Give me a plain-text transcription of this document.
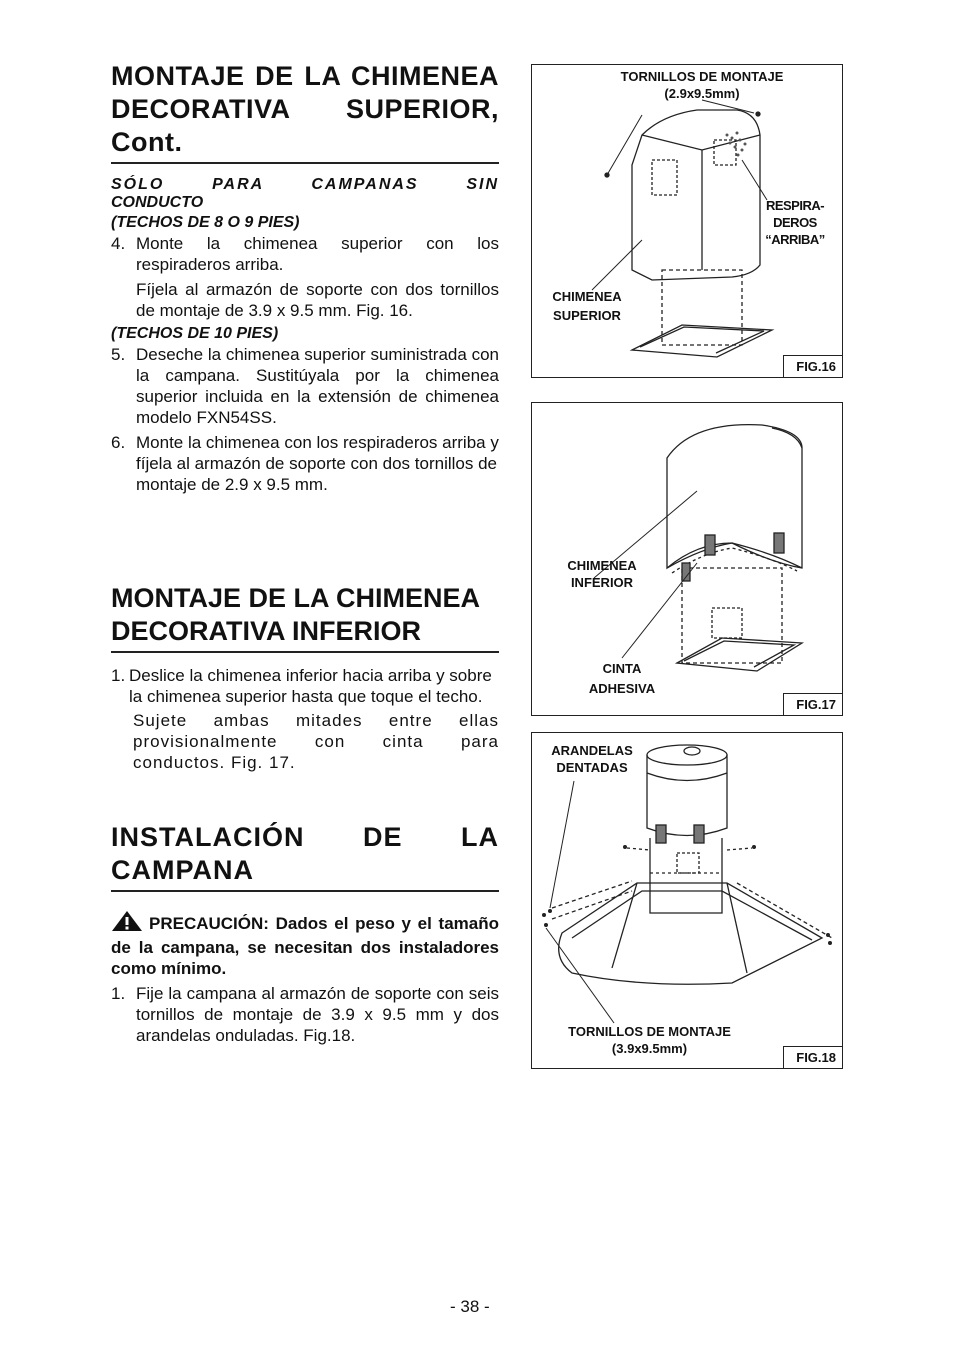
MONTAJE DE LA CHIMENEA
DECORATIVA SUPERIOR,
Cont.

SÓLO PARA CAMPANAS SIN

CONDUCTO

(TECHOS DE 8 O 9 PIES)

4. Monte la chimenea superior con los respiraderos arriba.
Fíjela al armazón de soporte con dos tornillos de montaje de 3.9 x 9.5 mm. Fig. 16.

(TECHOS DE 10 PIES)

5. Deseche la chimenea superior suministrada con la campana. Sustitúyala por la chimenea superior incluida en la extensión de chimenea modelo FXN54SS.
6. Monte la chimenea con los respiraderos arriba y fíjela al armazón de soporte con dos tornillos de montaje de 2.9 x 9.5 mm.
MONTAJE DE LA CHIMENEA
DECORATIVA INFERIOR
1. Deslice la chimenea inferior hacia arriba y sobre la chimenea superior hasta que toque el techo.
Sujete ambas mitades entre ellas provisionalmente con cinta para conductos. Fig. 17.
INSTALACIÓN DE LA
CAMPANA
PRECAUCIÓN: Dados el peso y el tamaño de la campana, se necesitan dos instaladores como mínimo.
1. Fije la campana al armazón de soporte con seis tornillos de montaje de 3.9 x 9.5 mm y dos arandelas onduladas. Fig.18.
TORNILLOS DE MONTAJE
(2.9x9.5mm)
RESPIRA-
DEROS
“ARRIBA”
CHIMENEA
SUPERIOR
FIG.16
CHIMENEA
INFERIOR
CINTA
ADHESIVA
FIG.17
ARANDELAS
DENTADAS
TORNILLOS DE MONTAJE
(3.9x9.5mm)
FIG.18
- 38 -
